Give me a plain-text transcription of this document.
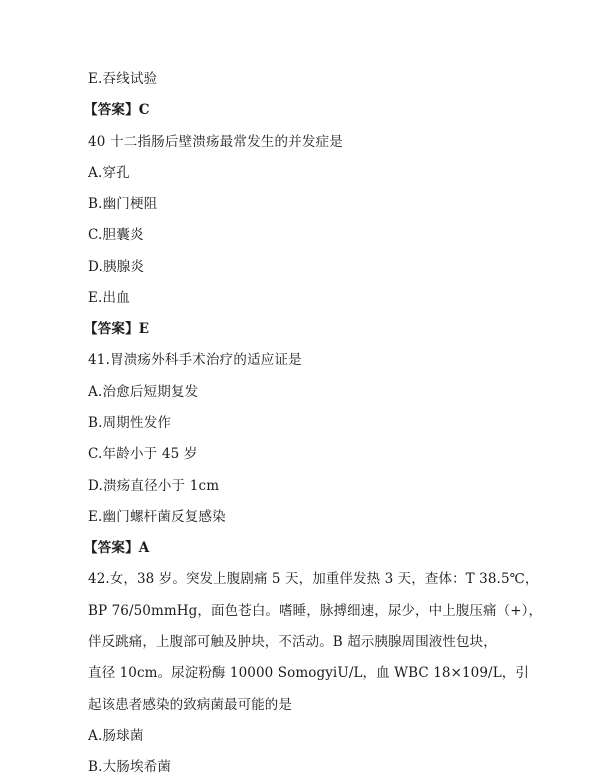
E.吞线试验
【答案】C
40 十二指肠后壁溃疡最常发生的并发症是
A.穿孔
B.幽门梗阻
C.胆囊炎
D.胰腺炎
E.出血
【答案】E
41.胃溃疡外科手术治疗的适应证是
A.治愈后短期复发
B.周期性发作
C.年龄小于 45 岁
D.溃疡直径小于 1cm
E.幽门螺杆菌反复感染
【答案】A
42.女，38 岁。突发上腹剧痛 5 天，加重伴发热 3 天，查体：T 38.5℃，
BP 76/50mmHg，面色苍白。嗜睡，脉搏细速，尿少，中上腹压痛（+），
伴反跳痛，上腹部可触及肿块，不活动。B 超示胰腺周围液性包块，
直径 10cm。尿淀粉酶 10000 SomogyiU/L，血 WBC 18×109/L，引
起该患者感染的致病菌最可能的是
A.肠球菌
B.大肠埃希菌
